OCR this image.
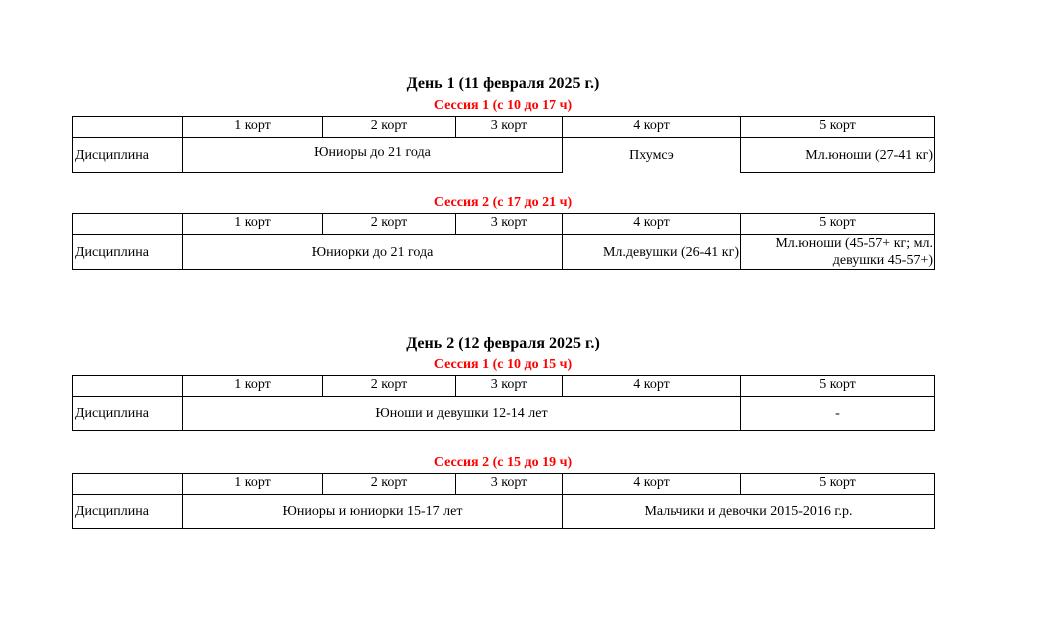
День 1 (11 февраля 2025 г.)
Сессия 1 (с 10 до 17 ч)
	1 корт	2 корт	3 корт	4 корт	5 корт
Дисциплина	Юниоры до 21 года			Пхумсэ	Мл.юноши (27-41 кг)
Сессия 2 (с 17 до 21 ч)
	1 корт	2 корт	3 корт	4 корт	5 корт
Дисциплина	Юниорки до 21 года			Мл.девушки (26-41 кг)	Мл.юноши (45-57+ кг; мл. девушки 45-57+)
День 2 (12 февраля 2025 г.)
Сессия 1 (с 10 до 15 ч)
	1 корт	2 корт	3 корт	4 корт	5 корт
Дисциплина	Юноши и девушки 12-14 лет				-
Сессия 2 (с 15 до 19 ч)
	1 корт	2 корт	3 корт	4 корт	5 корт
Дисциплина	Юниоры и юниорки 15-17 лет			Мальчики и девочки 2015-2016 г.р.	
